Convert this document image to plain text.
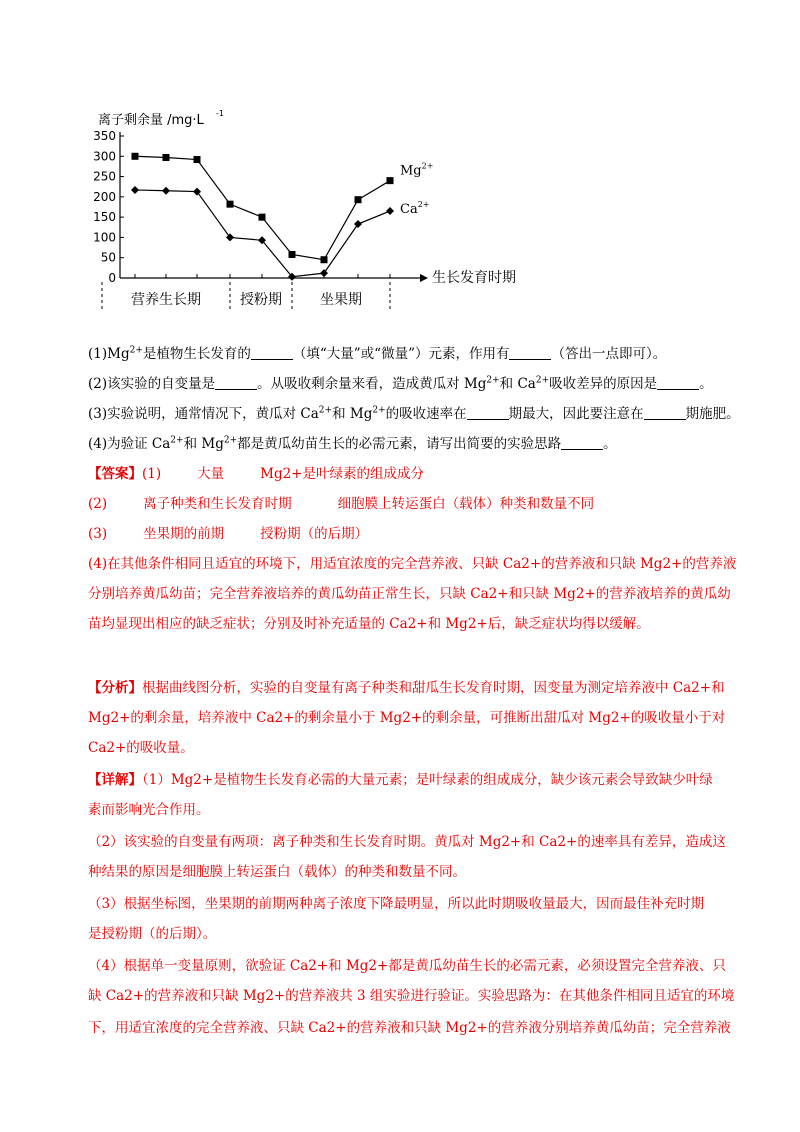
离子剩余量 /mg·L -1
0
50
100
150
200
250
300
350
$Mg^{2+}$
$Ca^{2+}$
营养生长期	授粉期	坐果期
生长发育时期
$(1)Mg^{2+}$是植物生长发育的	（填“大量”或“微量”）元素，作用有	（答出一点即可）。
(2)该实验的自变量是	。从吸收剩余量来看，造成黄瓜对 $Mg^{2+}$和 $Ca^{2+}$吸收差异的原因是	。
(3)实验说明，通常情况下，黄瓜对 $Ca^{2+}$和 $Mg^{2+}$的吸收速率在	期最大，因此要注意在	期施肥。
(4)为验证 $Ca^{2+}$和 $Mg^{2+}$都是黄瓜幼苗生长的必需元素，请写出简要的实验思路	。
【答案】(1)	大量	Mg2+是叶绿素的组成成分
(2)	离子种类和生长发育时期	细胞膜上转运蛋白（载体）种类和数量不同
(3)	坐果期的前期	授粉期（的后期）
(4)在其他条件相同且适宜的环境下，用适宜浓度的完全营养液、只缺 Ca2+的营养液和只缺 Mg2+的营养液
分别培养黄瓜幼苗；完全营养液培养的黄瓜幼苗正常生长，只缺 Ca2+和只缺 Mg2+的营养液培养的黄瓜幼
苗均显现出相应的缺乏症状；分别及时补充适量的 Ca2+和 Mg2+后，缺乏症状均得以缓解。
【分析】根据曲线图分析，实验的自变量有离子种类和甜瓜生长发育时期，因变量为测定培养液中 Ca2+和
Mg2+的剩余量，培养液中 Ca2+的剩余量小于 Mg2+的剩余量，可推断出甜瓜对 Mg2+的吸收量小于对
Ca2+的吸收量。
【详解】（1）Mg2+是植物生长发育必需的大量元素；是叶绿素的组成成分，缺少该元素会导致缺少叶绿
素而影响光合作用。
（2）该实验的自变量有两项：离子种类和生长发育时期。黄瓜对 Mg2+和 Ca2+的速率具有差异，造成这
种结果的原因是细胞膜上转运蛋白（载体）的种类和数量不同。
（3）根据坐标图，坐果期的前期两种离子浓度下降最明显，所以此时期吸收量最大，因而最佳补充时期
是授粉期（的后期）。
（4）根据单一变量原则，欲验证 Ca2+和 Mg2+都是黄瓜幼苗生长的必需元素，必须设置完全营养液、只
缺 Ca2+的营养液和只缺 Mg2+的营养液共 3 组实验进行验证。实验思路为：在其他条件相同且适宜的环境
下，用适宜浓度的完全营养液、只缺 Ca2+的营养液和只缺 Mg2+的营养液分别培养黄瓜幼苗；完全营养液
